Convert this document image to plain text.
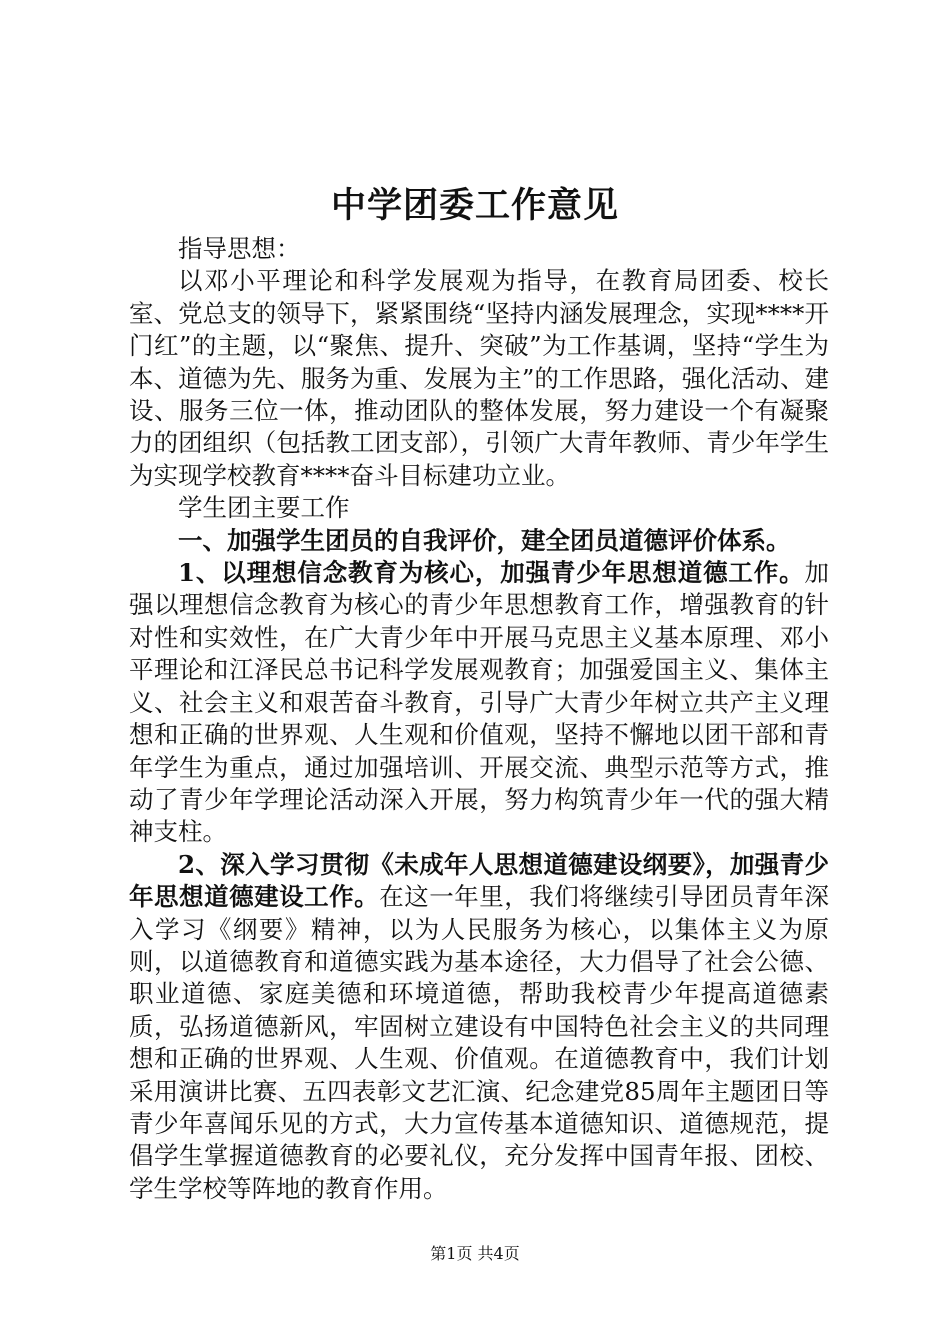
中学团委工作意见

指导思想：

以邓小平理论和科学发展观为指导，在教育局团委、校长室、党总支的领导下，紧紧围绕“坚持内涵发展理念，实现****开门红”的主题，以“聚焦、提升、突破”为工作基调，坚持“学生为本、道德为先、服务为重、发展为主”的工作思路，强化活动、建设、服务三位一体，推动团队的整体发展，努力建设一个有凝聚力的团组织（包括教工团支部），引领广大青年教师、青少年学生为实现学校教育****奋斗目标建功立业。

学生团主要工作

一、加强学生团员的自我评价，建全团员道德评价体系。

1、以理想信念教育为核心，加强青少年思想道德工作。加强以理想信念教育为核心的青少年思想教育工作，增强教育的针对性和实效性，在广大青少年中开展马克思主义基本原理、邓小平理论和江泽民总书记科学发展观教育；加强爱国主义、集体主义、社会主义和艰苦奋斗教育，引导广大青少年树立共产主义理想和正确的世界观、人生观和价值观，坚持不懈地以团干部和青年学生为重点，通过加强培训、开展交流、典型示范等方式，推动了青少年学理论活动深入开展，努力构筑青少年一代的强大精神支柱。

2、深入学习贯彻《未成年人思想道德建设纲要》，加强青少年思想道德建设工作。在这一年里，我们将继续引导团员青年深入学习《纲要》精神，以为人民服务为核心，以集体主义为原则，以道德教育和道德实践为基本途径，大力倡导了社会公德、职业道德、家庭美德和环境道德，帮助我校青少年提高道德素质，弘扬道德新风，牢固树立建设有中国特色社会主义的共同理想和正确的世界观、人生观、价值观。在道德教育中，我们计划采用演讲比赛、五四表彰文艺汇演、纪念建党85周年主题团日等青少年喜闻乐见的方式，大力宣传基本道德知识、道德规范，提倡学生掌握道德教育的必要礼仪，充分发挥中国青年报、团校、学生学校等阵地的教育作用。

第1页 共4页
